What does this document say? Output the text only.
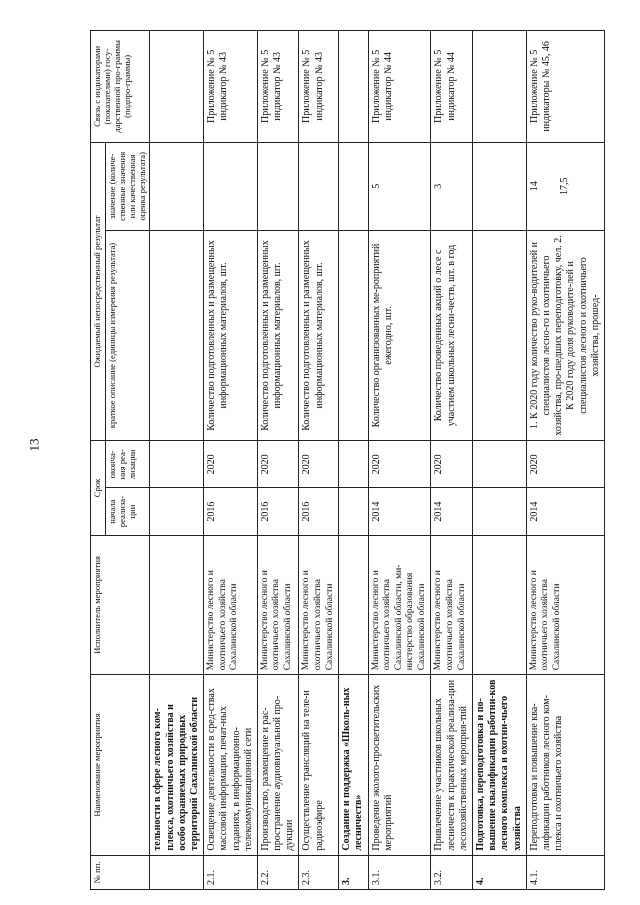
13
№ пп.	Наименование мероприятия	Исполнитель мероприятия	Срок		Ожидаемый непосредственный результат		Связь с индикаторами (показателями) госу-дарственной про-граммы (подпро-граммы)
			начала реализа-ции	оконча-ния реа-лизации	краткое описание (единицы измерения результата)	значение (количе-ственные значения или качественная оценка результата)	
	тельности в сфере лесного ком-плекса, охотничьего хозяйства и особо охраняемых природных территорий Сахалинской области					

2.1.	Освещение деятельности в сред-ствах массовой информации, печат-ных изданиях, в информационно-телекоммуникационной сети	Министерство лесного и охотничьего хозяйства Сахалинской области	2016	2020	Количество подготовленных и размещенных информационных материалов, шт.		Приложение № 5 индикатор № 43
2.2.	Производство, размещение и рас-пространение аудиовизуальной про-дукции	Министерство лесного и охотничьего хозяйства Сахалинской области	2016	2020	Количество подготовленных и размещенных информационных материалов, шт.		Приложение № 5 индикатор № 43
2.3.	Осуществление трансляций на теле-и радиоэфире	Министерство лесного и охотничьего хозяйства Сахалинской области	2016	2020	Количество подготовленных и размещенных информационных материалов, шт.		Приложение № 5 индикатор № 43
3.	Создание и поддержка «Школь-ных лесничеств»					

3.1.	Проведение эколого-просветительских мероприятий	Министерство лесного и охотничьего хозяйства Сахалинской области, ми-нистерство образования Сахалинской области	2014	2020	Количество организованных ме-роприятий ежегодно, шт.	5	Приложение № 5 индикатор № 44
3.2.	Привлечение участников школьных лесничеств к практической реализа-ции лесохозяйственных мероприя-тий	Министерство лесного и охотничьего хозяйства Сахалинской области	2014	2020	Количество проведенных акций о лесе с участием школьных лесни-честв, шт. в год	3	Приложение № 5 индикатор № 44
4.	Подготовка, переподготовка и по-вышение квалификации работни-ков лесного комплекса и охотни-чьего хозяйства					

4.1.	Переподготовка и повышение ква-лификации работников лесного ком-плекса и охотничьего хозяйства	Министерство лесного и охотничьего хозяйства Сахалинской области	2014	2020	1. К 2020 году количество руко-водителей и специалистов лесно-го и охотничьего хозяйства, про-шедших переподготовку, чел. 2. К 2020 году доля руководите-лей и специалистов лесного и охотничьего хозяйства, прошед-	14 17,5	Приложение № 5 индикаторы № 45, 46
